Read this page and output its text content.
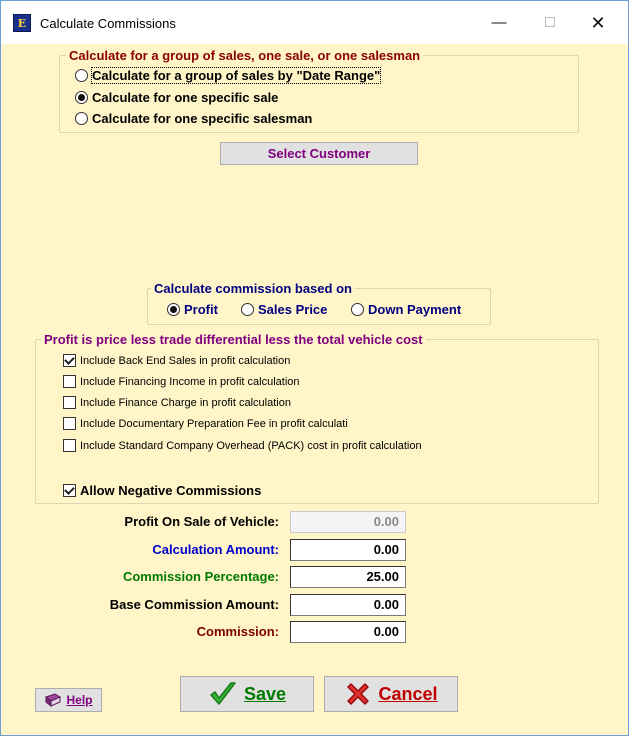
E	Calculate Commissions	—	✕
Calculate for a group of sales, one sale, or one salesman
Calculate for a group of sales by "Date Range"
Calculate for one specific sale
Calculate for one specific salesman
Select Customer
Calculate commission based on
Profit	Sales Price	Down Payment
Profit is price less trade differential less the total vehicle cost
Include Back End Sales in profit calculation
Include Financing Income in profit calculation
Include Finance Charge in profit calculation
Include Documentary Preparation Fee in profit calculati
Include Standard Company Overhead (PACK) cost in profit calculation
Allow Negative Commissions
Profit On Sale of Vehicle:	0.00
Calculation Amount:	0.00
Commission Percentage:	25.00
Base Commission Amount:	0.00
Commission:	0.00
Help	Save	Cancel
